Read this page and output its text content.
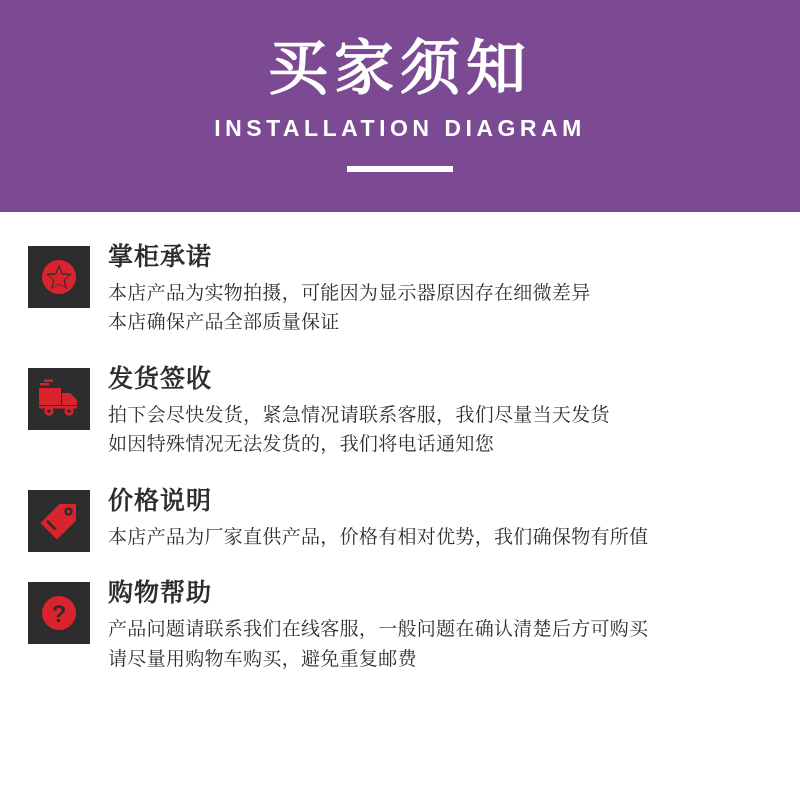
买家须知
INSTALLATION DIAGRAM
掌柜承诺
本店产品为实物拍摄，可能因为显示器原因存在细微差异
本店确保产品全部质量保证
发货签收
拍下会尽快发货，紧急情况请联系客服，我们尽量当天发货
如因特殊情况无法发货的，我们将电话通知您
价格说明
本店产品为厂家直供产品，价格有相对优势，我们确保物有所值
?
购物帮助
产品问题请联系我们在线客服，一般问题在确认清楚后方可购买
请尽量用购物车购买，避免重复邮费
